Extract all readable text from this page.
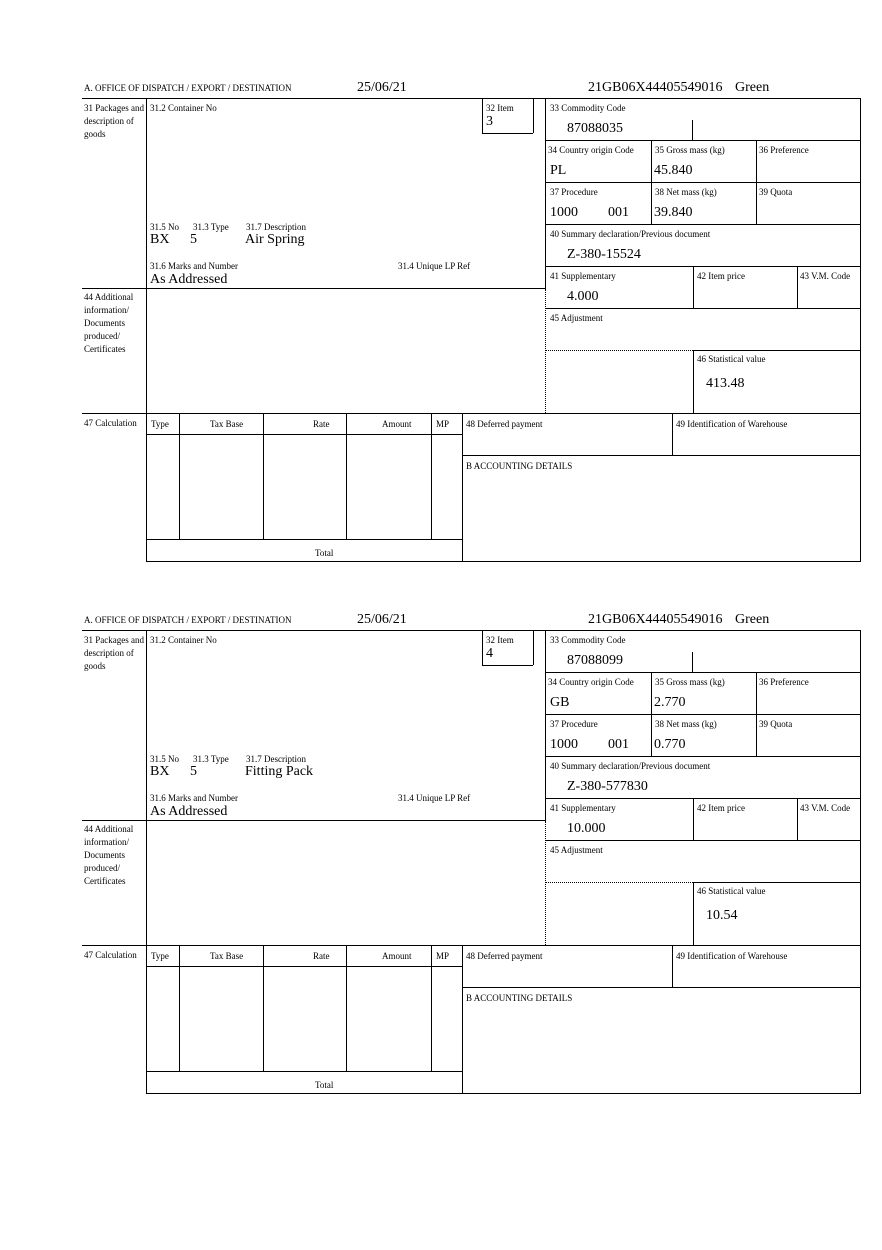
A. OFFICE OF DISPATCH / EXPORT / DESTINATION	25/06/21	21GB06X44405549016 Green
31 Packages and description of goods
44 Additional information/ Documents produced/ Certificates
47 Calculation
31.2 Container No	32 Item
3
31.5 No 31.3 Type 31.7 Description
BX 5	Air Spring
31.6 Marks and Number	31.4 Unique LP Ref
As Addressed
33 Commodity Code
87088035
34 Country origin Code
PL
35 Gross mass (kg)
45.840
36 Preference
37 Procedure
1000 001
38 Net mass (kg)
39.840
39 Quota
40 Summary declaration/Previous document
Z-380-15524
41 Supplementary
4.000
42 Item price	43 V.M. Code
45 Adjustment
46 Statistical value
413.48
Type	Tax Base	Rate	Amount	MP
Total
48 Deferred payment	49 Identification of Warehouse
B ACCOUNTING DETAILS
A. OFFICE OF DISPATCH / EXPORT / DESTINATION	25/06/21	21GB06X44405549016 Green
31 Packages and description of goods
44 Additional information/ Documents produced/ Certificates
47 Calculation
31.2 Container No	32 Item
4
31.5 No 31.3 Type 31.7 Description
BX 5	Fitting Pack
31.6 Marks and Number	31.4 Unique LP Ref
As Addressed
33 Commodity Code
87088099
34 Country origin Code
GB
35 Gross mass (kg)
2.770
36 Preference
37 Procedure
1000 001
38 Net mass (kg)
0.770
39 Quota
40 Summary declaration/Previous document
Z-380-577830
41 Supplementary
10.000
42 Item price	43 V.M. Code
45 Adjustment
46 Statistical value
10.54
Type	Tax Base	Rate	Amount	MP
Total
48 Deferred payment	49 Identification of Warehouse
B ACCOUNTING DETAILS
